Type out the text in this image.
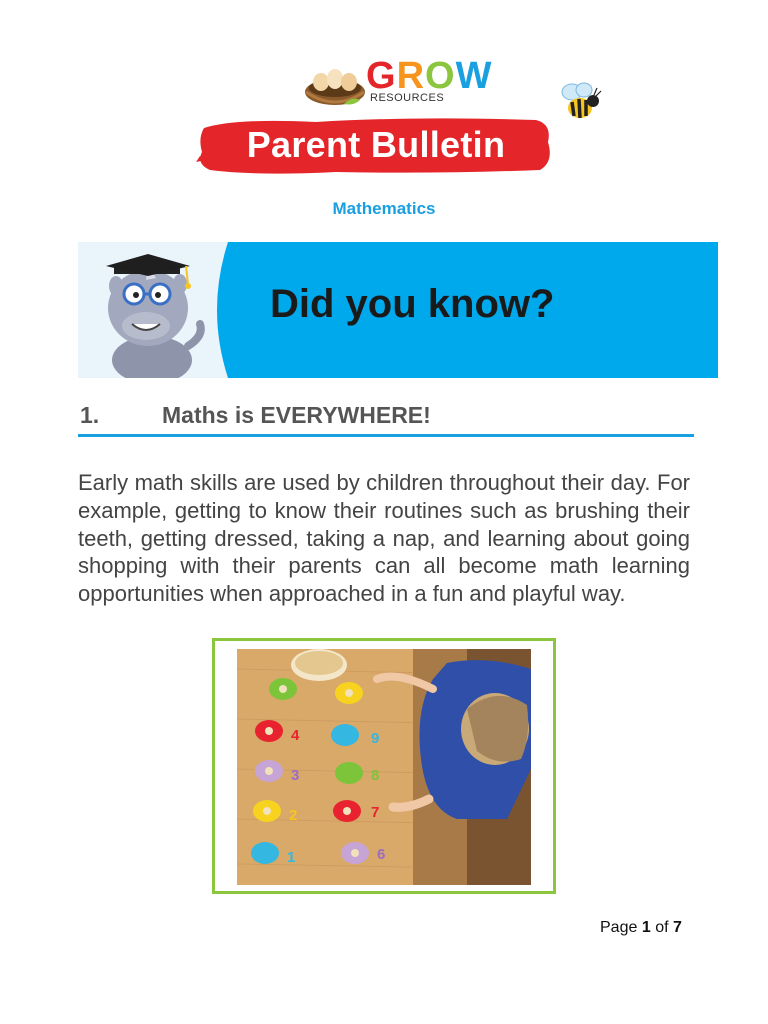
GROW
RESOURCES
Parent Bulletin
Mathematics
Did you know?
1.	Maths is EVERYWHERE!

Early math skills are used by children throughout their day. For example, getting to know their routines such as brushing their teeth, getting dressed, taking a nap, and learning about going shopping with their parents can all become math learning opportunities when approached in a fun and playful way.

4
3
2
1
9
8
7
6
Page 1 of 7
